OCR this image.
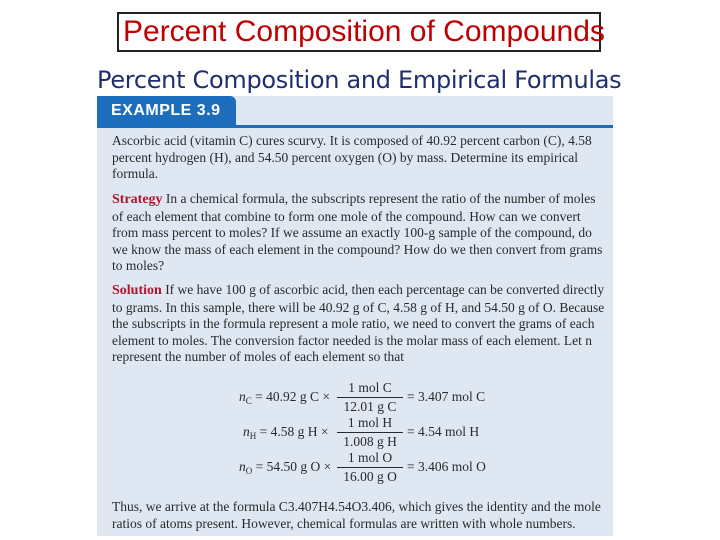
Percent Composition of Compounds
Percent Composition and Empirical Formulas
EXAMPLE 3.9

Ascorbic acid (vitamin C) cures scurvy. It is composed of 40.92 percent carbon (C), 4.58 percent hydrogen (H), and 54.50 percent oxygen (O) by mass. Determine its empirical formula.

Strategy In a chemical formula, the subscripts represent the ratio of the number of moles of each element that combine to form one mole of the compound. How can we convert from mass percent to moles? If we assume an exactly 100-g sample of the compound, do we know the mass of each element in the compound? How do we then convert from grams to moles?

Solution If we have 100 g of ascorbic acid, then each percentage can be converted directly to grams. In this sample, there will be 40.92 g of C, 4.58 g of H, and 54.50 g of O. Because the subscripts in the formula represent a mole ratio, we need to convert the grams of each element to moles. The conversion factor needed is the molar mass of each element. Let n represent the number of moles of each element so that

$n_C = 40.92$ g C ×
1 mol C
12.01 g C
= 3.407 mol C
$n_H = 4.58$ g H ×
1 mol H
1.008 g H
= 4.54 mol H
$n_O = 54.50$ g O ×
1 mol O
16.00 g O
= 3.406 mol O

Thus, we arrive at the formula C3.407H4.54O3.406, which gives the identity and the mole ratios of atoms present. However, chemical formulas are written with whole numbers.
